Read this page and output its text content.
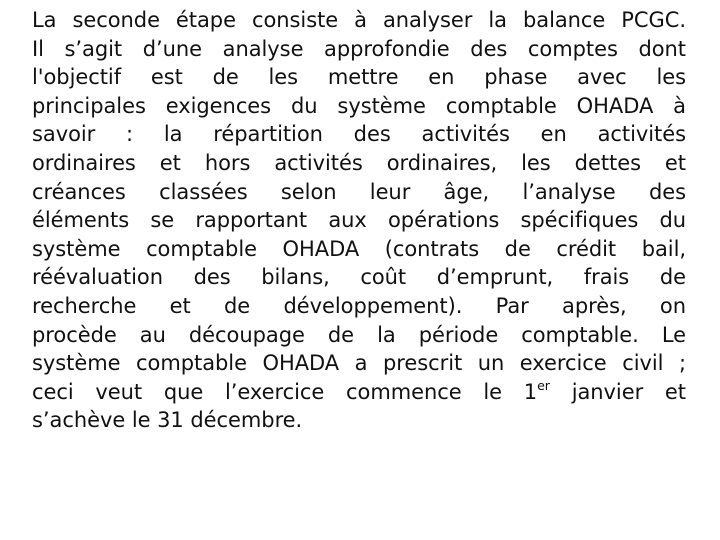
La seconde étape consiste à analyser la balance PCGC.
Il s’agit d’une analyse approfondie des comptes dont
l'objectif est de les mettre en phase avec les
principales exigences du système comptable OHADA à
savoir : la répartition des activités en activités
ordinaires et hors activités ordinaires, les dettes et
créances classées selon leur âge, l’analyse des
éléments se rapportant aux opérations spécifiques du
système comptable OHADA (contrats de crédit bail,
réévaluation des bilans, coût d’emprunt, frais de
recherche et de développement). Par après, on
procède au découpage de la période comptable. Le
système comptable OHADA a prescrit un exercice civil ;
ceci veut que l’exercice commence le 1er janvier et
s’achève le 31 décembre.
